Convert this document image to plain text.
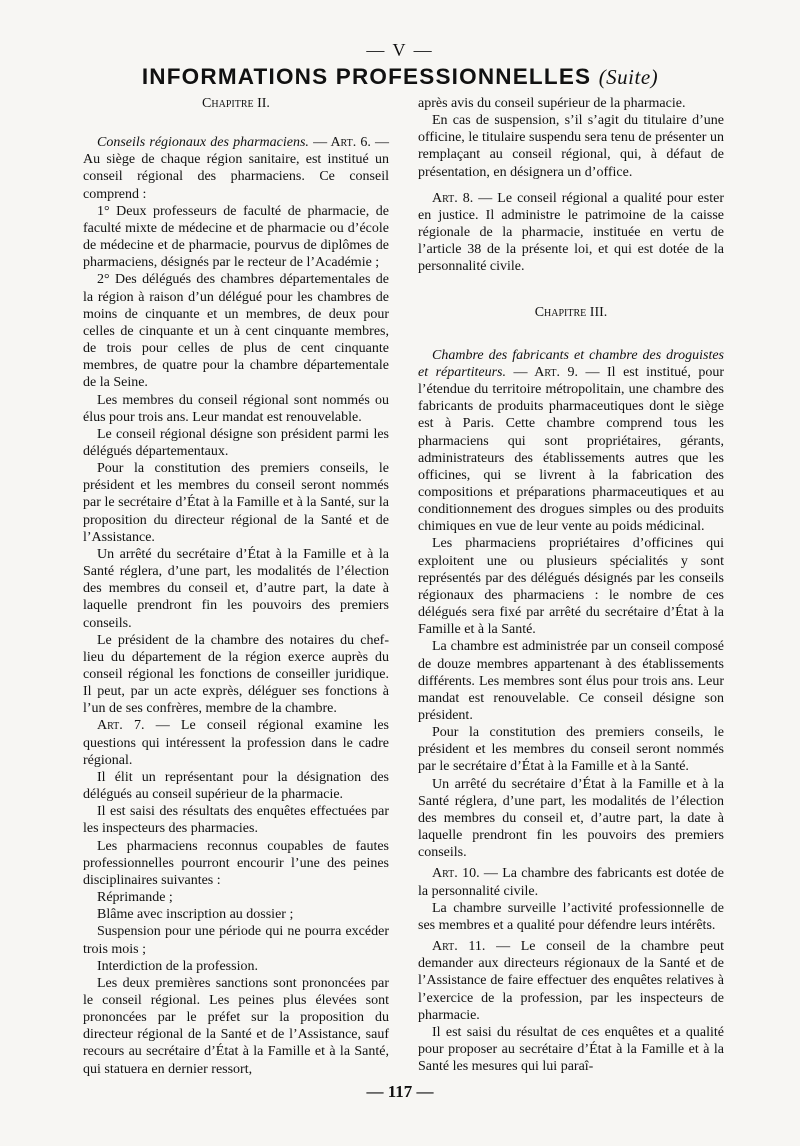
— V —
INFORMATIONS PROFESSIONNELLES (Suite)

Chapitre II.

Conseils régionaux des pharmaciens. — Art. 6. — Au siège de chaque région sanitaire, est institué un conseil régional des pharmaciens. Ce conseil comprend :

1° Deux professeurs de faculté de pharmacie, de faculté mixte de médecine et de pharmacie ou d’école de médecine et de pharmacie, pourvus de diplômes de pharmaciens, désignés par le recteur de l’Académie ;

2° Des délégués des chambres départementales de la région à raison d’un délégué pour les chambres de moins de cinquante et un membres, de deux pour celles de cinquante et un à cent cinquante membres, de trois pour celles de plus de cent cinquante membres, de quatre pour la chambre départementale de la Seine.

Les membres du conseil régional sont nommés ou élus pour trois ans. Leur mandat est renouvelable.

Le conseil régional désigne son président parmi les délégués départementaux.

Pour la constitution des premiers conseils, le président et les membres du conseil seront nommés par le secrétaire d’État à la Famille et à la Santé, sur la proposition du directeur régional de la Santé et de l’Assistance.

Un arrêté du secrétaire d’État à la Famille et à la Santé réglera, d’une part, les modalités de l’élection des membres du conseil et, d’autre part, la date à laquelle prendront fin les pouvoirs des premiers conseils.

Le président de la chambre des notaires du chef-lieu du département de la région exerce auprès du conseil régional les fonctions de conseiller juridique. Il peut, par un acte exprès, déléguer ses fonctions à l’un de ses confrères, membre de la chambre.

Art. 7. — Le conseil régional examine les questions qui intéressent la profession dans le cadre régional.

Il élit un représentant pour la désignation des délégués au conseil supérieur de la pharmacie.

Il est saisi des résultats des enquêtes effectuées par les inspecteurs des pharmacies.

Les pharmaciens reconnus coupables de fautes professionnelles pourront encourir l’une des peines disciplinaires suivantes :

Réprimande ;

Blâme avec inscription au dossier ;

Suspension pour une période qui ne pourra excéder trois mois ;

Interdiction de la profession.

Les deux premières sanctions sont prononcées par le conseil régional. Les peines plus élevées sont prononcées par le préfet sur la proposition du directeur régional de la Santé et de l’Assistance, sauf recours au secrétaire d’État à la Famille et à la Santé, qui statuera en dernier ressort,

après avis du conseil supérieur de la pharmacie.

En cas de suspension, s’il s’agit du titulaire d’une officine, le titulaire suspendu sera tenu de présenter un remplaçant au conseil régional, qui, à défaut de présentation, en désignera un d’office.

Art. 8. — Le conseil régional a qualité pour ester en justice. Il administre le patrimoine de la caisse régionale de la pharmacie, instituée en vertu de l’article 38 de la présente loi, et qui est dotée de la personnalité civile.

Chapitre III.

Chambre des fabricants et chambre des droguistes et répartiteurs. — Art. 9. — Il est institué, pour l’étendue du territoire métropolitain, une chambre des fabricants de produits pharmaceutiques dont le siège est à Paris. Cette chambre comprend tous les pharmaciens qui sont propriétaires, gérants, administrateurs des établissements autres que les officines, qui se livrent à la fabrication des compositions et préparations pharmaceutiques et au conditionnement des drogues simples ou des produits chimiques en vue de leur vente au poids médicinal.

Les pharmaciens propriétaires d’officines qui exploitent une ou plusieurs spécialités y sont représentés par des délégués désignés par les conseils régionaux des pharmaciens : le nombre de ces délégués sera fixé par arrêté du secrétaire d’État à la Famille et à la Santé.

La chambre est administrée par un conseil composé de douze membres appartenant à des établissements différents. Les membres sont élus pour trois ans. Leur mandat est renouvelable. Ce conseil désigne son président.

Pour la constitution des premiers conseils, le président et les membres du conseil seront nommés par le secrétaire d’État à la Famille et à la Santé.

Un arrêté du secrétaire d’État à la Famille et à la Santé réglera, d’une part, les modalités de l’élection des membres du conseil et, d’autre part, la date à laquelle prendront fin les pouvoirs des premiers conseils.

Art. 10. — La chambre des fabricants est dotée de la personnalité civile.

La chambre surveille l’activité professionnelle de ses membres et a qualité pour défendre leurs intérêts.

Art. 11. — Le conseil de la chambre peut demander aux directeurs régionaux de la Santé et de l’Assistance de faire effectuer des enquêtes relatives à l’exercice de la profession, par les inspecteurs de pharmacie.

Il est saisi du résultat de ces enquêtes et a qualité pour proposer au secrétaire d’État à la Famille et à la Santé les mesures qui lui paraî-

— 117 —
